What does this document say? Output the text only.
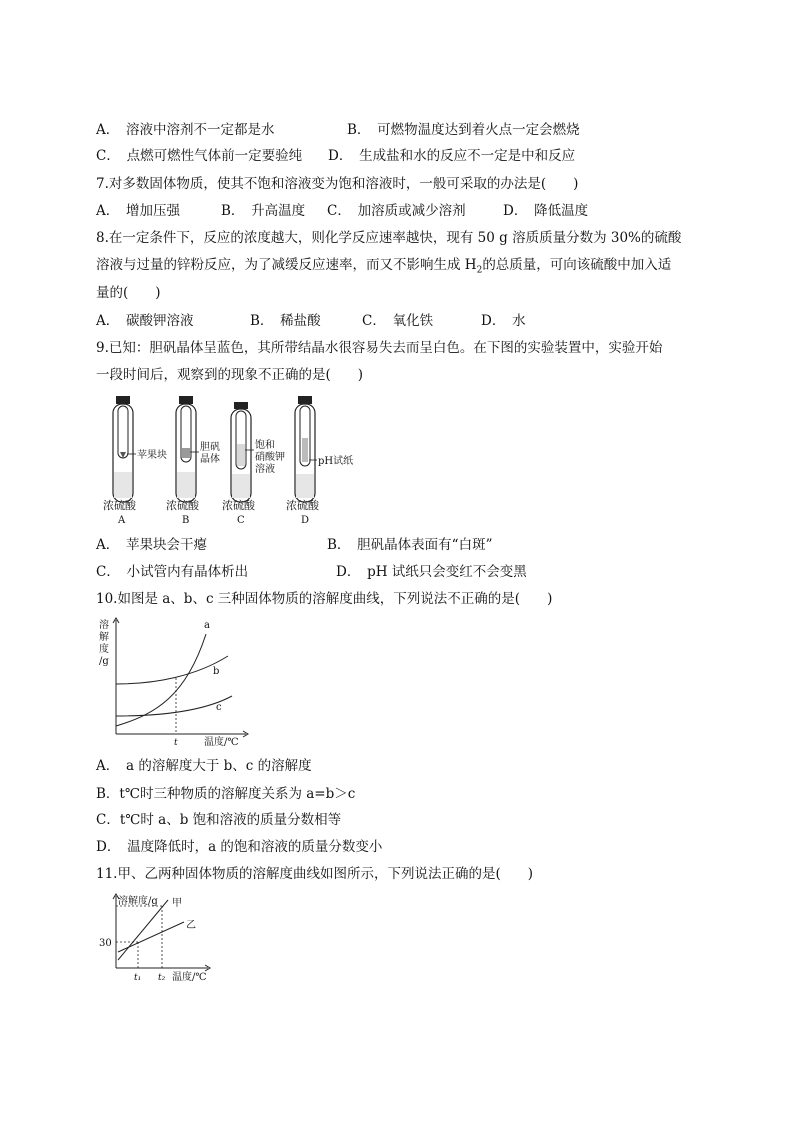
A．　溶液中溶剂不一定都是水	B．　可燃物温度达到着火点一定会燃烧
C．　点燃可燃性气体前一定要验纯 D．　生成盐和水的反应不一定是中和反应
7.对多数固体物质，使其不饱和溶液变为饱和溶液时，一般可采取的办法是(　　)
A．　增加压强	B．　升高温度 C．　加溶质或减少溶剂	D．　降低温度
8.在一定条件下，反应的浓度越大，则化学反应速率越快，现有 50 g 溶质质量分数为 30%的硫酸
溶液与过量的锌粉反应，为了减缓反应速率，而又不影响生成 $H_2$的总质量，可向该硫酸中加入适
量的(　　)
A．　碳酸钾溶液	B．　稀盐酸	C．　氧化铁	D．　水
9.已知：胆矾晶体呈蓝色，其所带结晶水很容易失去而呈白色。在下图的实验装置中，实验开始
一段时间后，观察到的现象不正确的是(　　)
苹果块
浓硫酸
A
胆矾
晶体
浓硫酸
B
饱和
硝酸钾
溶液
浓硫酸
C
pH试纸
浓硫酸
D
A．　苹果块会干瘪	B．　胆矾晶体表面有“白斑”
C．　小试管内有晶体析出	D．　pH 试纸只会变红不会变黑
10.如图是 a、b、c 三种固体物质的溶解度曲线，下列说法不正确的是(　　)
溶
解
度
/g
a
b
c
t	温度/℃
A．　a 的溶解度大于 b、c 的溶解度
B．t℃时三种物质的溶解度关系为 a=b＞c
C．t℃时 a、b 饱和溶液的质量分数相等
D．　温度降低时，a 的饱和溶液的质量分数变小
11.甲、乙两种固体物质的溶解度曲线如图所示，下列说法正确的是(　　)
溶解度/g 甲
乙
30
t₁ t₂ 温度/℃
